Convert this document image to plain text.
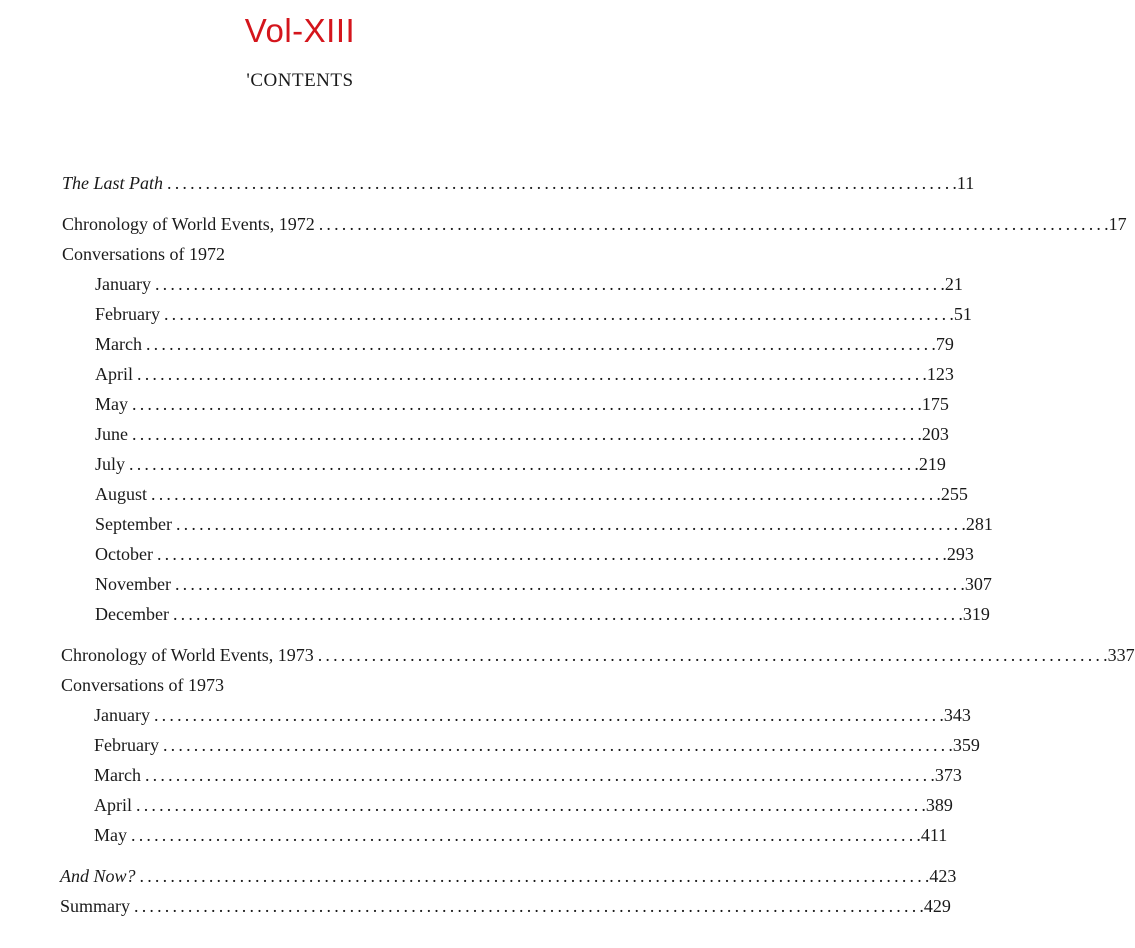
Vol-XIII
'CONTENTS
The Last Path ...................................................................................................... .11
Chronology of World Events, 1972 ...................................................................................................... .17
Conversations of 1972
January ...................................................................................................... .21
February ...................................................................................................... .51
March ...................................................................................................... .79
April ...................................................................................................... .123
May ...................................................................................................... .175
June ...................................................................................................... .203
July ...................................................................................................... .219
August ...................................................................................................... .255
September ...................................................................................................... .281
October ...................................................................................................... .293
November ...................................................................................................... .307
December ...................................................................................................... .319
Chronology of World Events, 1973 ...................................................................................................... .337
Conversations of 1973
January ...................................................................................................... .343
February ...................................................................................................... .359
March ...................................................................................................... .373
April ...................................................................................................... .389
May ...................................................................................................... .411
And Now? ...................................................................................................... .423
Summary ...................................................................................................... .429
